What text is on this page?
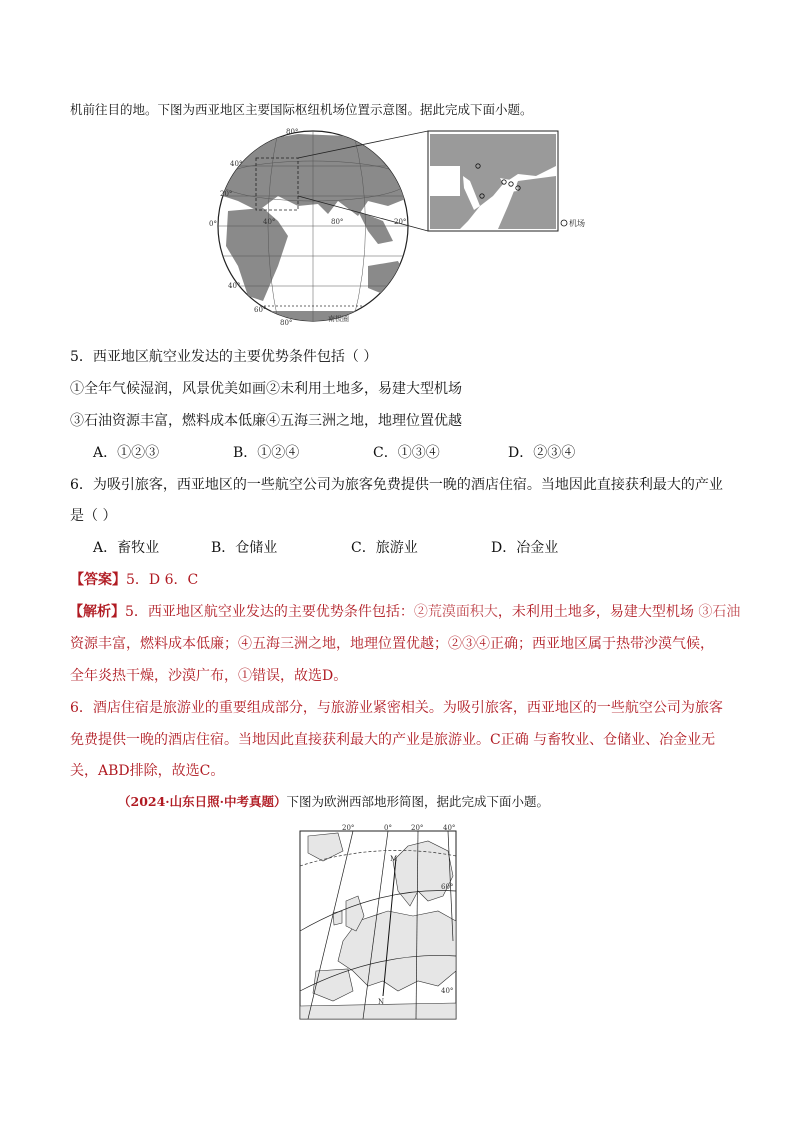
机前往目的地。下图为西亚地区主要国际枢纽机场位置示意图。据此完成下面小题。
80°
40°
20°
0°	40°	80°	20°
40°
60°
80°	南极圈
机场
5．西亚地区航空业发达的主要优势条件包括（ ）
①全年气候湿润，风景优美如画②未利用土地多，易建大型机场
③石油资源丰富，燃料成本低廉④五海三洲之地，地理位置优越
A．①②③	B．①②④	C．①③④	D．②③④
6．为吸引旅客，西亚地区的一些航空公司为旅客免费提供一晚的酒店住宿。当地因此直接获利最大的产业
是（ ）
A．畜牧业	B．仓储业	C．旅游业	D．冶金业
【答案】5．D 6．C
【解析】5．西亚地区航空业发达的主要优势条件包括：②荒漠面积大，未利用土地多，易建大型机场 ③石油
资源丰富，燃料成本低廉；④五海三洲之地，地理位置优越；②③④正确；西亚地区属于热带沙漠气候，
全年炎热干燥，沙漠广布，①错误，故选D。
6．酒店住宿是旅游业的重要组成部分，与旅游业紧密相关。为吸引旅客，西亚地区的一些航空公司为旅客
免费提供一晚的酒店住宿。当地因此直接获利最大的产业是旅游业。C正确 与畜牧业、仓储业、冶金业无
关，ABD排除，故选C。
（2024·山东日照·中考真题）下图为欧洲西部地形简图，据此完成下面小题。
20°	0°	20°	40°
60°
40°
M
N
